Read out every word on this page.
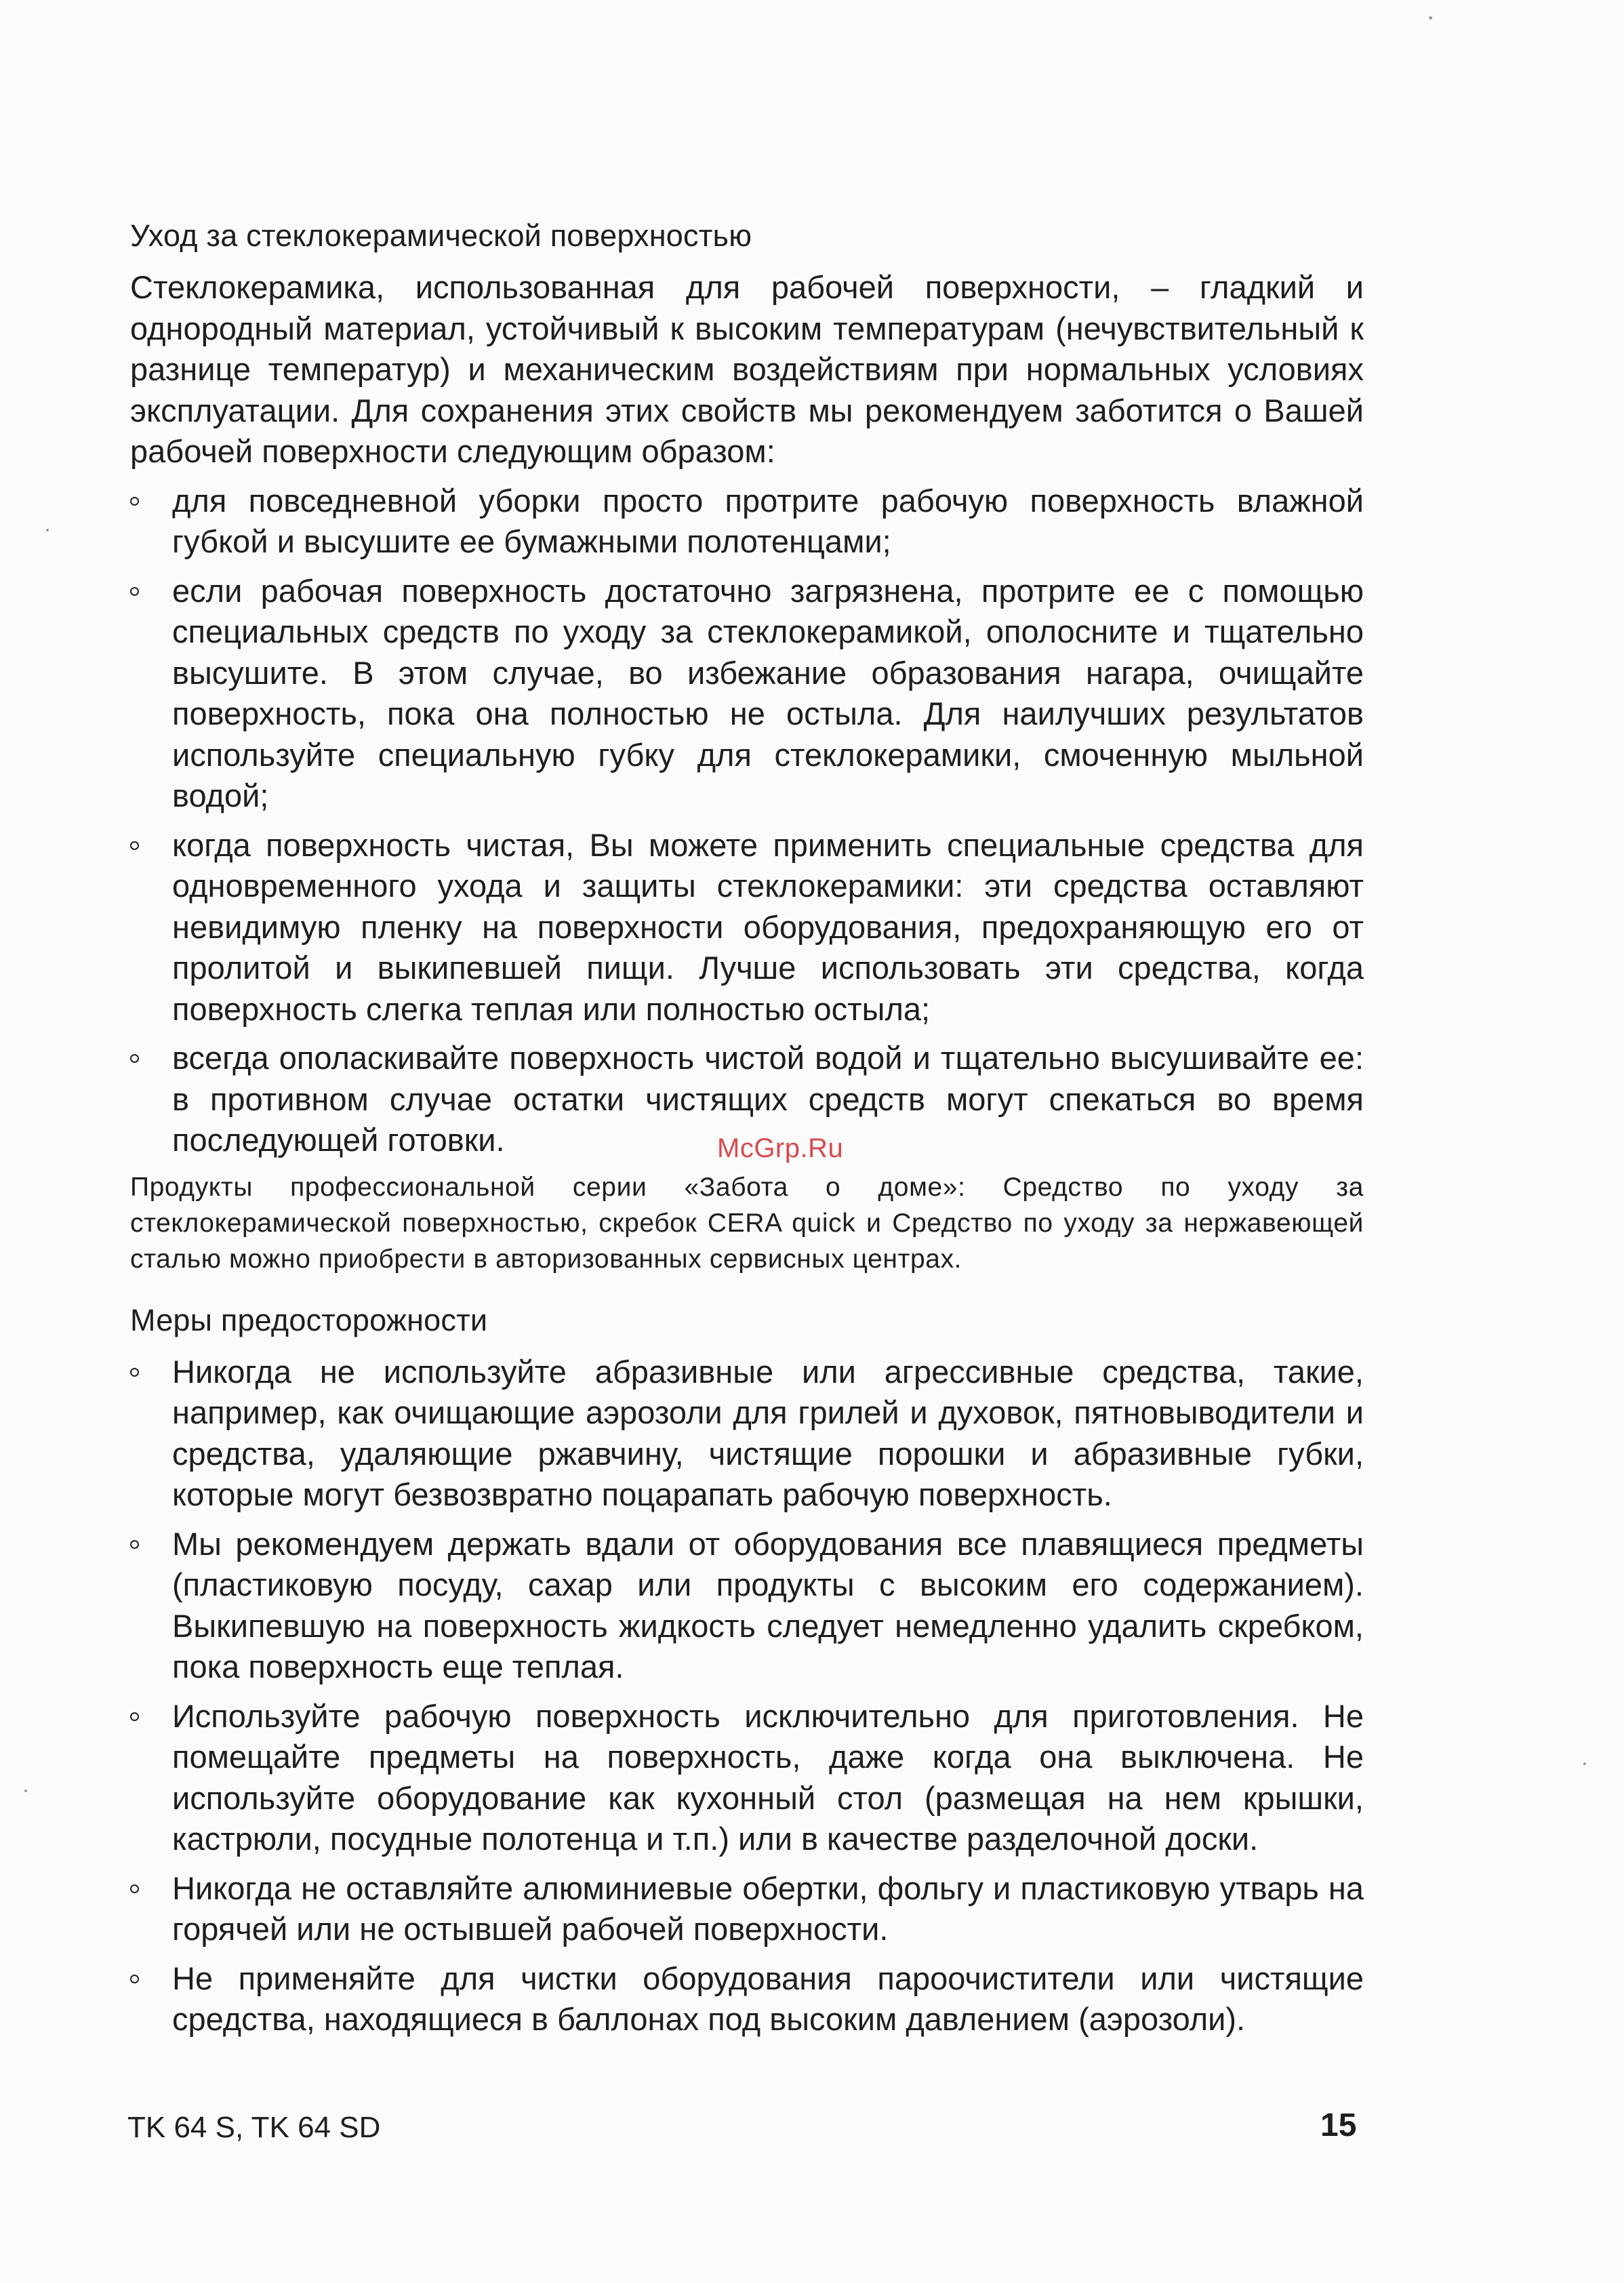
Уход за стеклокерамической поверхностью

Стеклокерамика, использованная для рабочей поверхности, – гладкий и однородный материал, устойчивый к высоким температурам (нечувствительный к разнице температур) и механическим воздействиям при нормальных условиях эксплуатации. Для сохранения этих свойств мы рекомендуем заботится о Вашей рабочей поверхности следующим образом:

для повседневной уборки просто протрите рабочую поверхность влажной губкой и высушите ее бумажными полотенцами;
если рабочая поверхность достаточно загрязнена, протрите ее с помощью специальных средств по уходу за стеклокерамикой, ополосните и тщательно высушите. В этом случае, во избежание образования нагара, очищайте поверхность, пока она полностью не остыла. Для наилучших результатов используйте специальную губку для стеклокерамики, смоченную мыльной водой;
когда поверхность чистая, Вы можете применить специальные средства для одновременного ухода и защиты стеклокерамики: эти средства оставляют невидимую пленку на поверхности оборудования, предохраняющую его от пролитой и выкипевшей пищи. Лучше использовать эти средства, когда поверхность слегка теплая или полностью остыла;
всегда ополаскивайте поверхность чистой водой и тщательно высушивайте ее: в противном случае остатки чистящих средств могут спекаться во время последующей готовки.

Продукты профессиональной серии «Забота о доме»: Средство по уходу за стеклокерамической поверхностью, скребок CERA quick и Средство по уходу за нержавеющей сталью можно приобрести в авторизованных сервисных центрах.

Меры предосторожности
Никогда не используйте абразивные или агрессивные средства, такие, например, как очищающие аэрозоли для грилей и духовок, пятновыводители и средства, удаляющие ржавчину, чистящие порошки и абразивные губки, которые могут безвозвратно поцарапать рабочую поверхность.
Мы рекомендуем держать вдали от оборудования все плавящиеся предметы (пластиковую посуду, сахар или продукты с высоким его содержанием). Выкипевшую на поверхность жидкость следует немедленно удалить скребком, пока поверхность еще теплая.
Используйте рабочую поверхность исключительно для приготовления. Не помещайте предметы на поверхность, даже когда она выключена. Не используйте оборудование как кухонный стол (размещая на нем крышки, кастрюли, посудные полотенца и т.п.) или в качестве разделочной доски.
Никогда не оставляйте алюминиевые обертки, фольгу и пластиковую утварь на горячей или не остывшей рабочей поверхности.
Не применяйте для чистки оборудования пароочистители или чистящие средства, находящиеся в баллонах под высоким давлением (аэрозоли).
McGrp.Ru
TK 64 S, TK 64 SD	15
